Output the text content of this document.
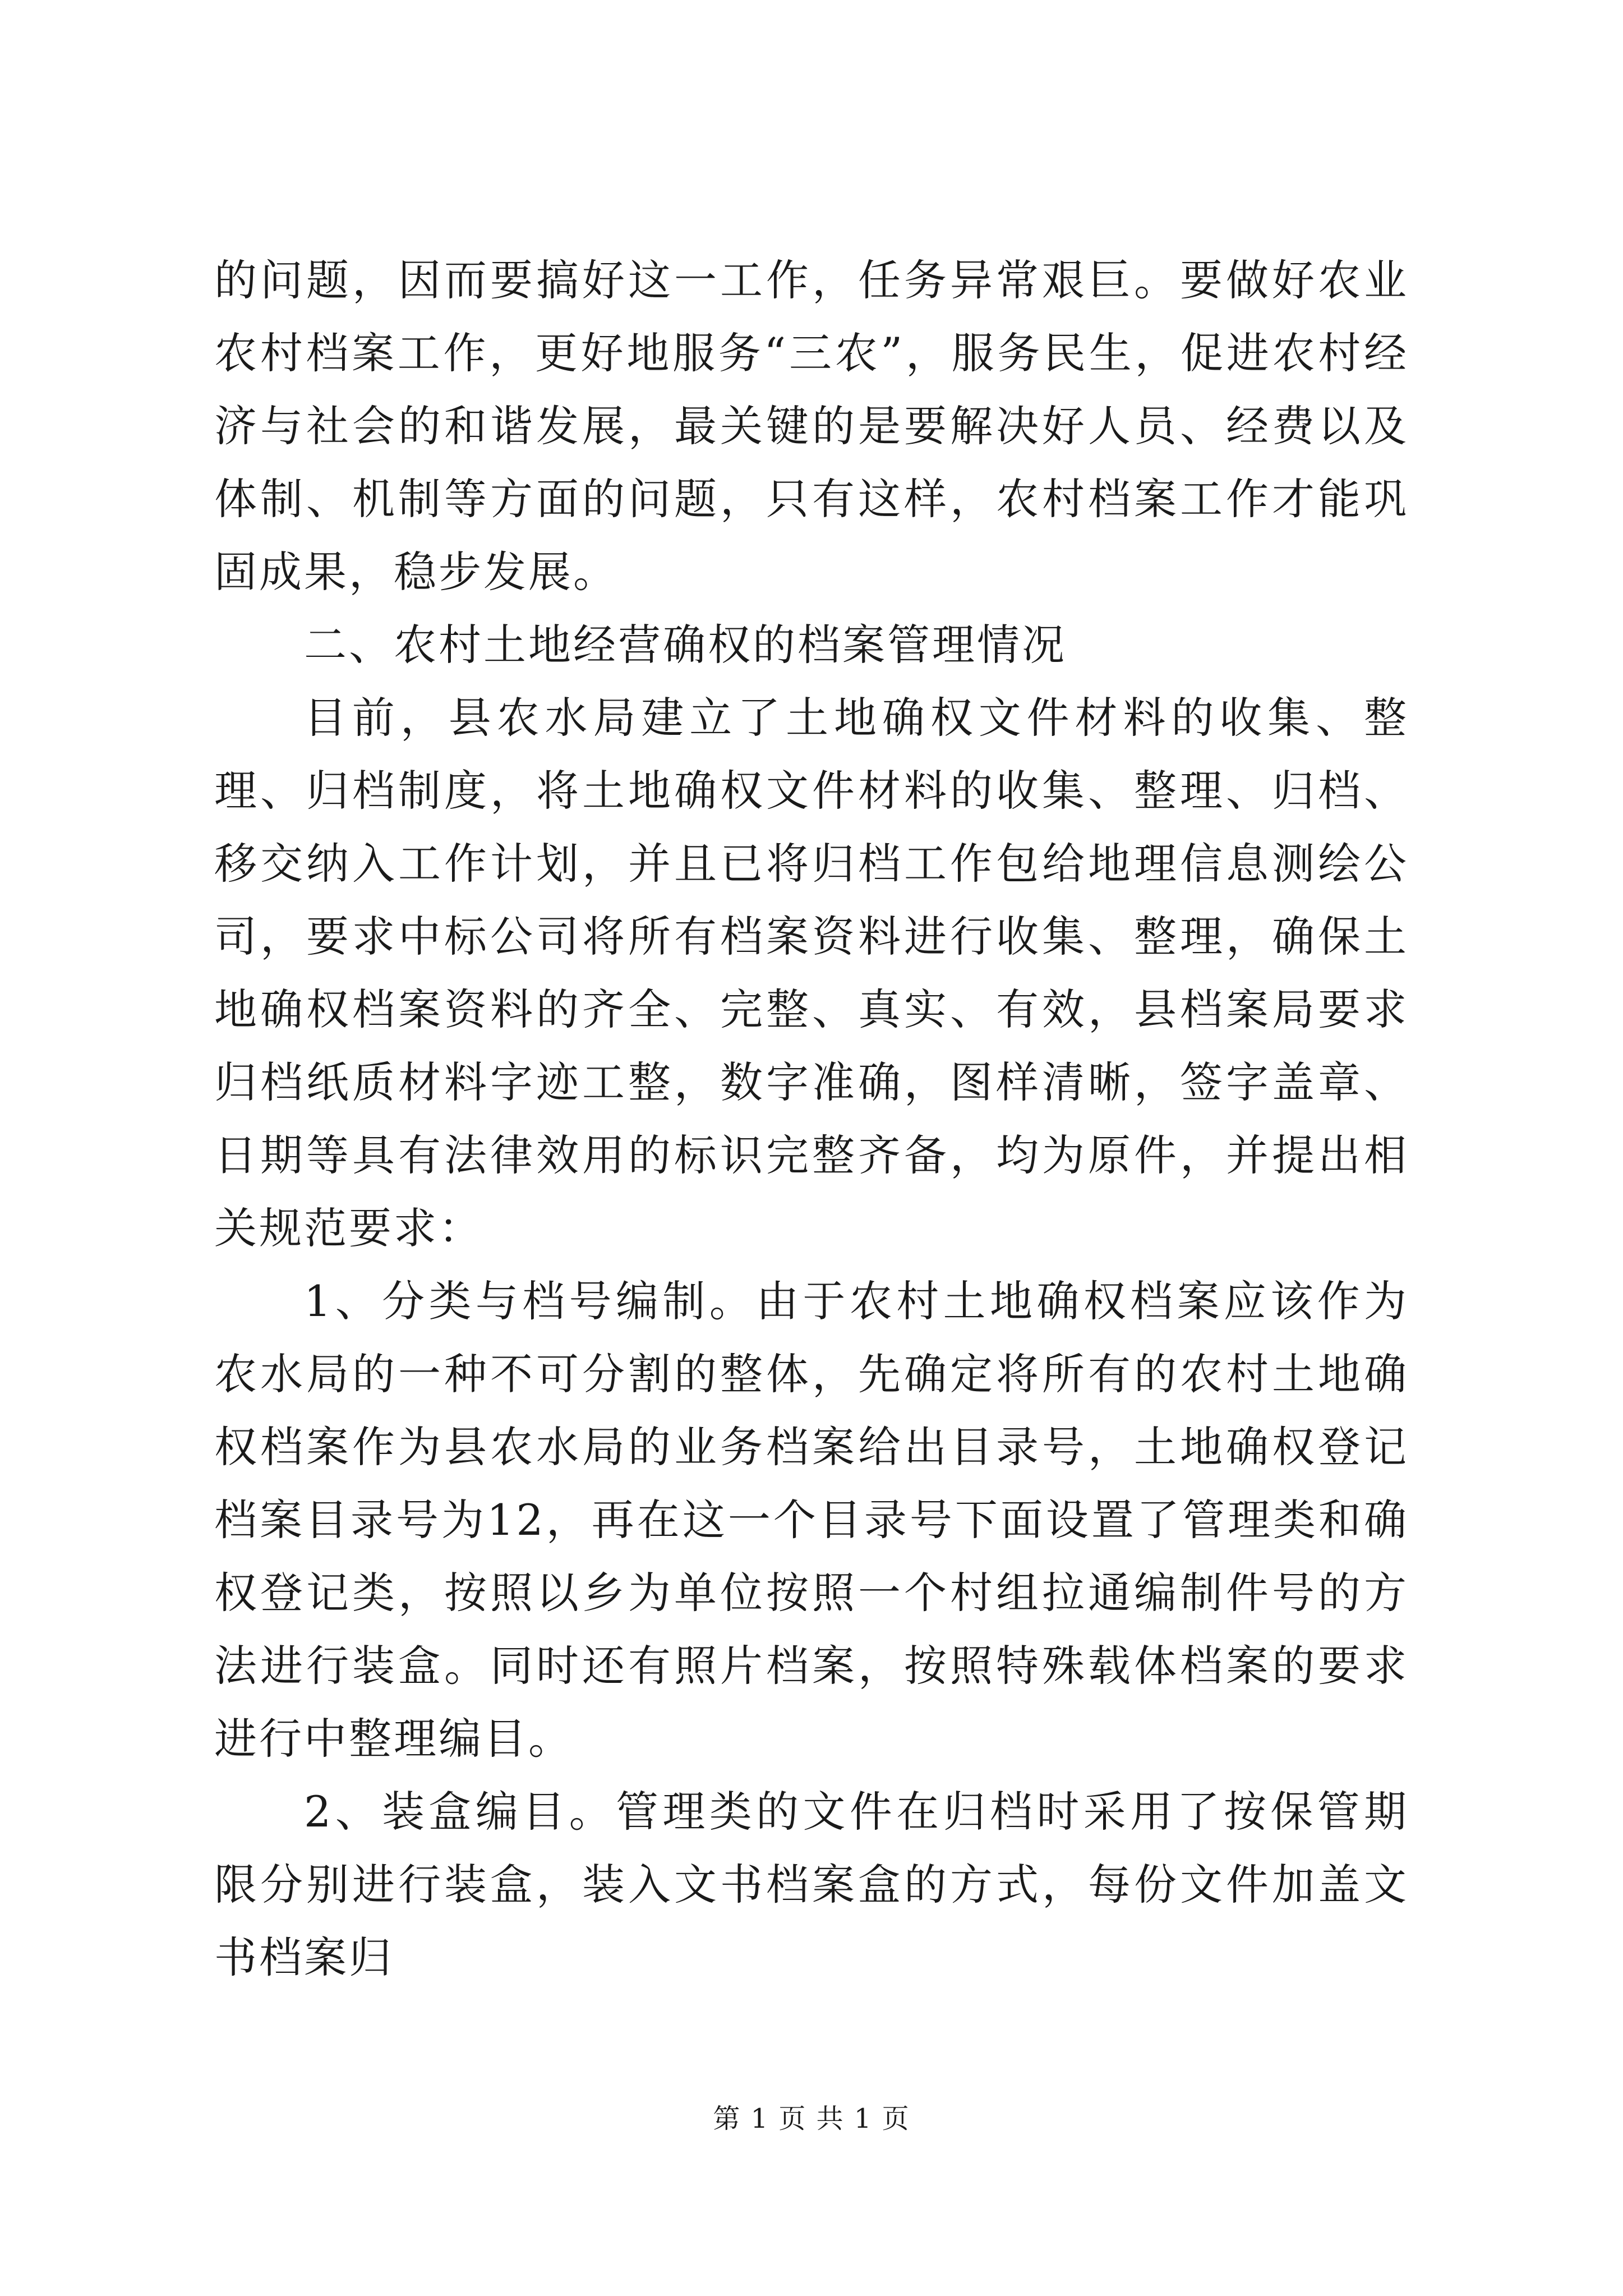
的问题，因而要搞好这一工作，任务异常艰巨。要做好农业农村档案工作，更好地服务“三农”，服务民生，促进农村经济与社会的和谐发展，最关键的是要解决好人员、经费以及体制、机制等方面的问题，只有这样，农村档案工作才能巩固成果，稳步发展。

二、农村土地经营确权的档案管理情况

目前，县农水局建立了土地确权文件材料的收集、整理、归档制度，将土地确权文件材料的收集、整理、归档、移交纳入工作计划，并且已将归档工作包给地理信息测绘公司，要求中标公司将所有档案资料进行收集、整理，确保土地确权档案资料的齐全、完整、真实、有效，县档案局要求归档纸质材料字迹工整，数字准确，图样清晰，签字盖章、日期等具有法律效用的标识完整齐备，均为原件，并提出相关规范要求：

1、分类与档号编制。由于农村土地确权档案应该作为农水局的一种不可分割的整体，先确定将所有的农村土地确权档案作为县农水局的业务档案给出目录号，土地确权登记档案目录号为12，再在这一个目录号下面设置了管理类和确权登记类，按照以乡为单位按照一个村组拉通编制件号的方法进行装盒。同时还有照片档案，按照特殊载体档案的要求进行中整理编目。

2、装盒编目。管理类的文件在归档时采用了按保管期限分别进行装盒，装入文书档案盒的方式，每份文件加盖文书档案归

第 1 页 共 1 页
